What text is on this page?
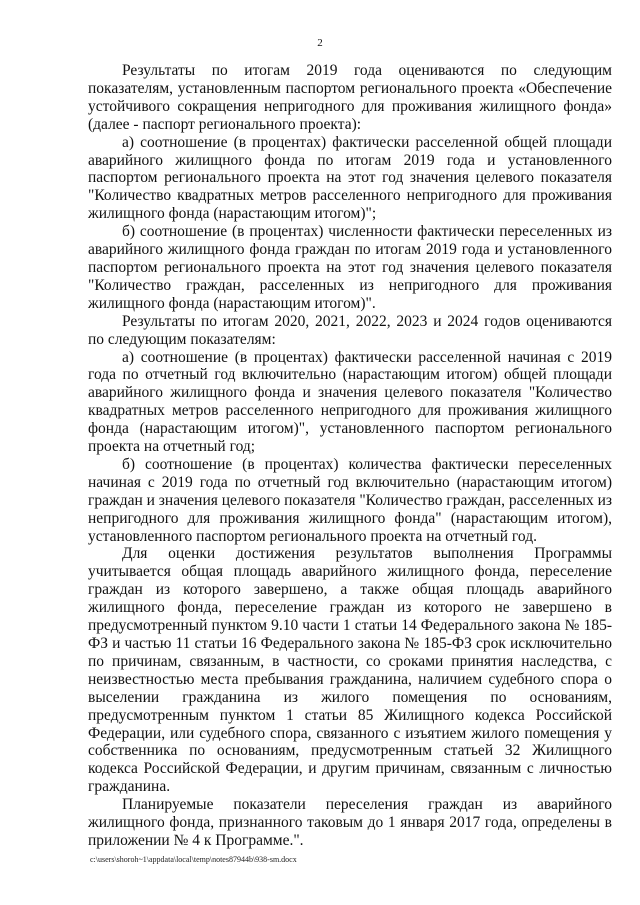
2

Результаты по итогам 2019 года оцениваются по следующим показателям, установленным паспортом регионального проекта «Обеспечение устойчивого сокращения непригодного для проживания жилищного фонда» (далее - паспорт регионального проекта):

а) соотношение (в процентах) фактически расселенной общей площади аварийного жилищного фонда по итогам 2019 года и установленного паспортом регионального проекта на этот год значения целевого показателя "Количество квадратных метров расселенного непригодного для проживания жилищного фонда (нарастающим итогом)";

б) соотношение (в процентах) численности фактически переселенных из аварийного жилищного фонда граждан по итогам 2019 года и установленного паспортом регионального проекта на этот год значения целевого показателя "Количество граждан, расселенных из непригодного для проживания жилищного фонда (нарастающим итогом)".

Результаты по итогам 2020, 2021, 2022, 2023 и 2024 годов оцениваются по следующим показателям:

а) соотношение (в процентах) фактически расселенной начиная с 2019 года по отчетный год включительно (нарастающим итогом) общей площади аварийного жилищного фонда и значения целевого показателя "Количество квадратных метров расселенного непригодного для проживания жилищного фонда (нарастающим итогом)", установленного паспортом регионального проекта на отчетный год;

б) соотношение (в процентах) количества фактически переселенных начиная с 2019 года по отчетный год включительно (нарастающим итогом) граждан и значения целевого показателя "Количество граждан, расселенных из непригодного для проживания жилищного фонда" (нарастающим итогом), установленного паспортом регионального проекта на отчетный год.

Для оценки достижения результатов выполнения Программы учитывается общая площадь аварийного жилищного фонда, переселение граждан из которого завершено, а также общая площадь аварийного жилищного фонда, переселение граждан из которого не завершено в предусмотренный пунктом 9.10 части 1 статьи 14 Федерального закона № 185-ФЗ и частью 11 статьи 16 Федерального закона № 185-ФЗ срок исключительно по причинам, связанным, в частности, со сроками принятия наследства, с неизвестностью места пребывания гражданина, наличием судебного спора о выселении гражданина из жилого помещения по основаниям, предусмотренным пунктом 1 статьи 85 Жилищного кодекса Российской Федерации, или судебного спора, связанного с изъятием жилого помещения у собственника по основаниям, предусмотренным статьей 32 Жилищного кодекса Российской Федерации, и другим причинам, связанным с личностью гражданина.

Планируемые показатели переселения граждан из аварийного жилищного фонда, признанного таковым до 1 января 2017 года, определены в приложении № 4 к Программе.".

c:\users\shoroh~1\appdata\local\temp\notes87944b\938-sm.docx
